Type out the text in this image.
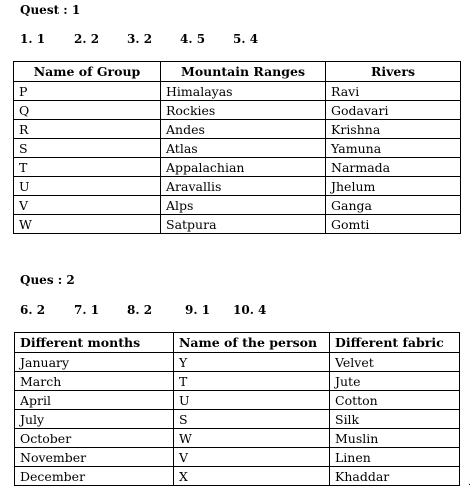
Quest : 1
1. 1 2. 2 3. 2 4. 5 5. 4
Name of Group	Mountain Ranges	Rivers
P	Himalayas	Ravi
Q	Rockies	Godavari
R	Andes	Krishna
S	Atlas	Yamuna
T	Appalachian	Narmada
U	Aravallis	Jhelum
V	Alps	Ganga
W	Satpura	Gomti
Ques : 2
6. 2 7. 1 8. 2	9. 1 10. 4
Different months	Name of the person	Different fabric
January	Y	Velvet
March	T	Jute
April	U	Cotton
July	S	Silk
October	W	Muslin
November	V	Linen
December	X	Khaddar	.
